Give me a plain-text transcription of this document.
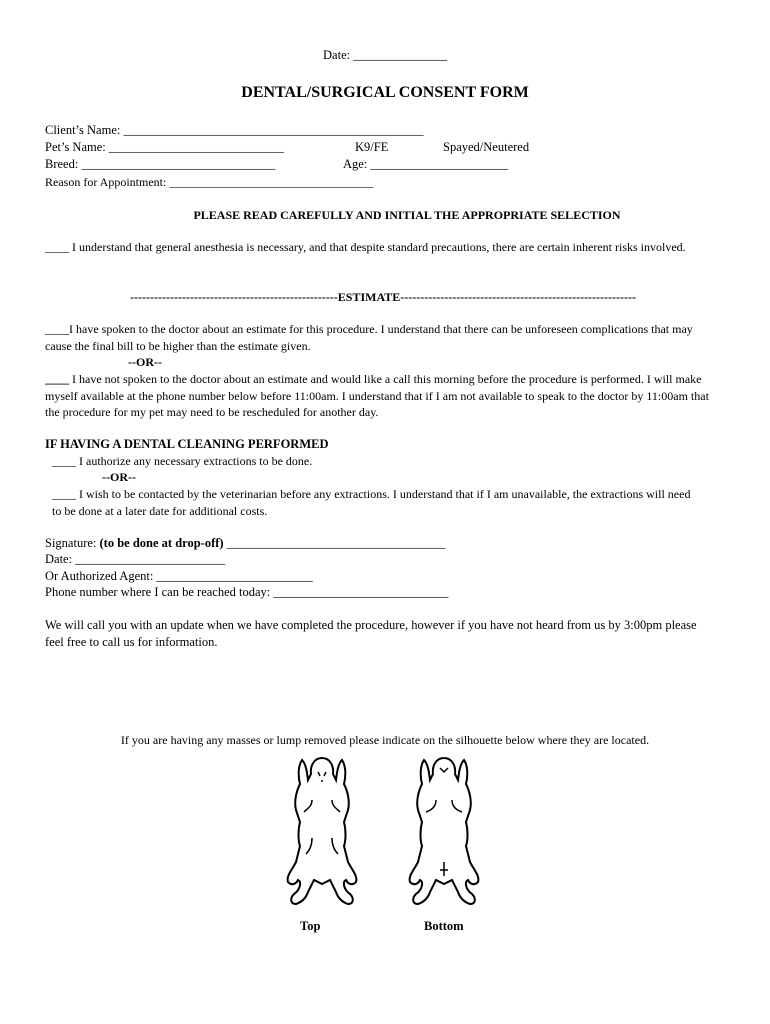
Date: _______________
DENTAL/SURGICAL CONSENT FORM
Client’s Name: ________________________________________________
Pet’s Name: ____________________________	K9/FE	Spayed/Neutered
Breed: _______________________________	Age: ______________________
Reason for Appointment: __________________________________
PLEASE READ CAREFULLY AND INITIAL THE APPROPRIATE SELECTION
____ I understand that general anesthesia is necessary, and that despite standard precautions, there are certain inherent risks involved.
----------------------------------------------------ESTIMATE-----------------------------------------------------------
____I have spoken to the doctor about an estimate for this procedure. I understand that there can be unforeseen complications that may cause the final bill to be higher than the estimate given.
--OR--
____ I have not spoken to the doctor about an estimate and would like a call this morning before the procedure is performed. I will make myself available at the phone number below before 11:00am. I understand that if I am not available to speak to the doctor by 11:00am that the procedure for my pet may need to be rescheduled for another day.
IF HAVING A DENTAL CLEANING PERFORMED
____ I authorize any necessary extractions to be done.
--OR--
____ I wish to be contacted by the veterinarian before any extractions. I understand that if I am unavailable, the extractions will need to be done at a later date for additional costs.
Signature: (to be done at drop-off) ___________________________________
Date: ________________________
Or Authorized Agent: _________________________
Phone number where I can be reached today: ____________________________
We will call you with an update when we have completed the procedure, however if you have not heard from us by 3:00pm please feel free to call us for information.
If you are having any masses or lump removed please indicate on the silhouette below where they are located.
Top	Bottom
